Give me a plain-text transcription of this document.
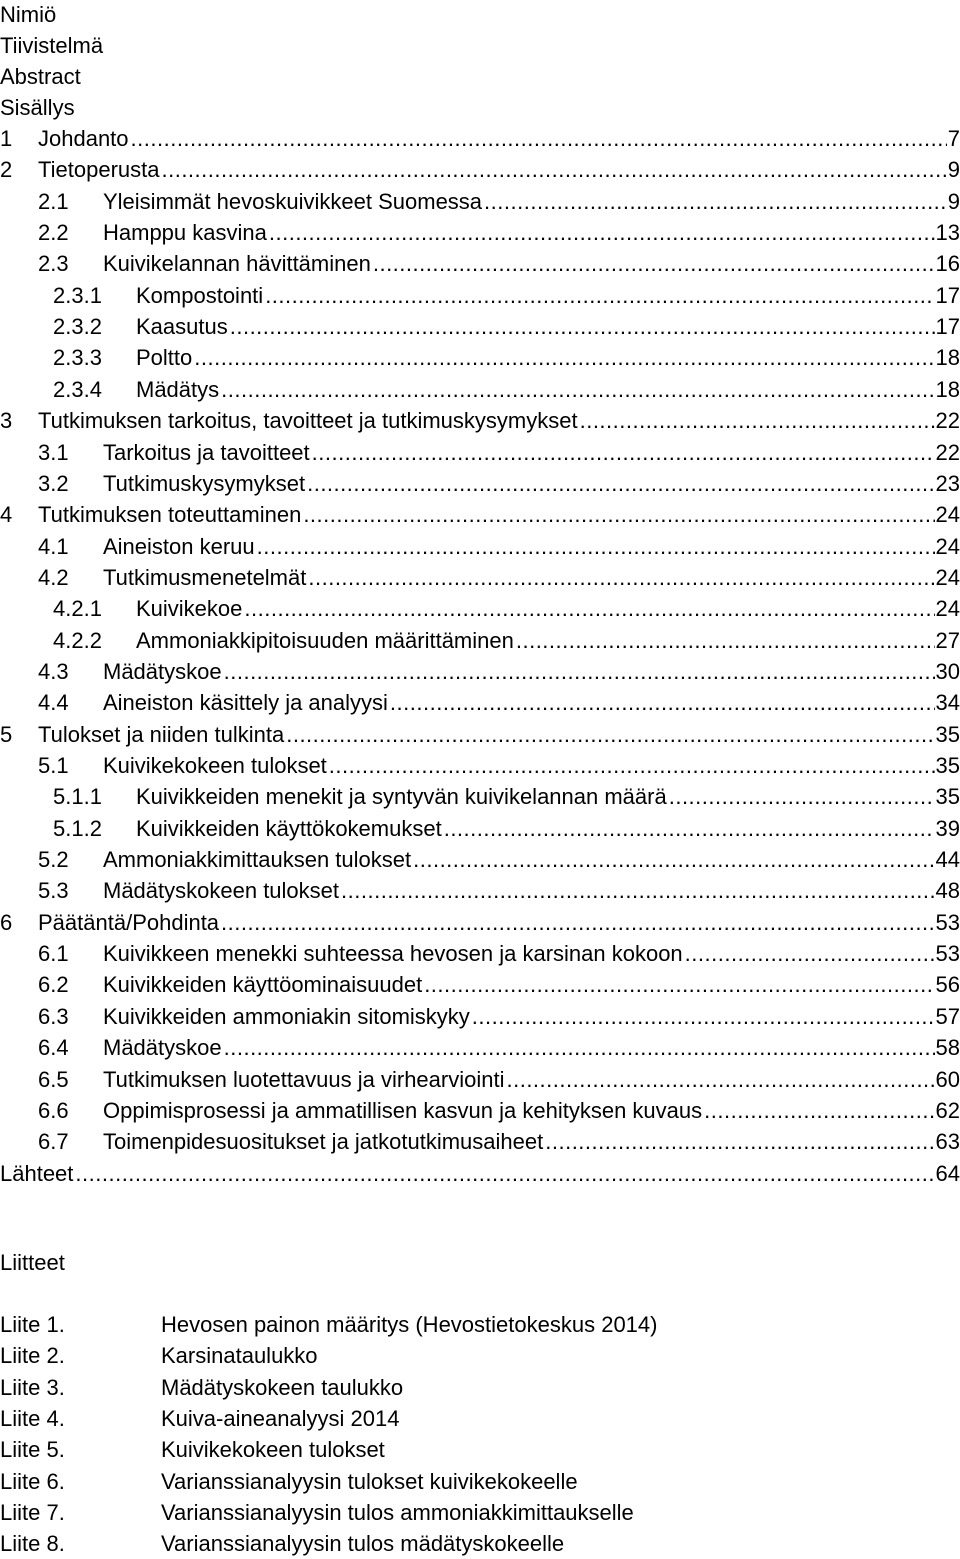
Nimiö
Tiivistelmä
Abstract
Sisällys
1 Johdanto .....	7
2 Tietoperusta .....	9
2.1 Yleisimmät hevoskuivikkeet Suomessa .....	9
2.2 Hamppu kasvina .....	13
2.3 Kuivikelannan hävittäminen .....	16
2.3.1 Kompostointi .....	17
2.3.2 Kaasutus .....	17
2.3.3 Poltto .....	18
2.3.4 Mädätys .....	18
3 Tutkimuksen tarkoitus, tavoitteet ja tutkimuskysymykset .....	22
3.1 Tarkoitus ja tavoitteet .....	22
3.2 Tutkimuskysymykset .....	23
4 Tutkimuksen toteuttaminen .....	24
4.1 Aineiston keruu .....	24
4.2 Tutkimusmenetelmät .....	24
4.2.1 Kuivikekoe .....	24
4.2.2 Ammoniakkipitoisuuden määrittäminen .....	27
4.3 Mädätyskoe .....	30
4.4 Aineiston käsittely ja analyysi .....	34
5 Tulokset ja niiden tulkinta .....	35
5.1 Kuivikekokeen tulokset .....	35
5.1.1 Kuivikkeiden menekit ja syntyvän kuivikelannan määrä .....	35
5.1.2 Kuivikkeiden käyttökokemukset .....	39
5.2 Ammoniakkimittauksen tulokset .....	44
5.3 Mädätyskokeen tulokset .....	48
6 Päätäntä/Pohdinta .....	53
6.1 Kuivikkeen menekki suhteessa hevosen ja karsinan kokoon .....	53
6.2 Kuivikkeiden käyttöominaisuudet .....	56
6.3 Kuivikkeiden ammoniakin sitomiskyky .....	57
6.4 Mädätyskoe .....	58
6.5 Tutkimuksen luotettavuus ja virhearviointi .....	60
6.6 Oppimisprosessi ja ammatillisen kasvun ja kehityksen kuvaus .....	62
6.7 Toimenpidesuositukset ja jatkotutkimusaiheet .....	63
Lähteet .....	64
Liitteet
Liite 1.	Hevosen painon määritys (Hevostietokeskus 2014)
Liite 2.	Karsinataulukko
Liite 3.	Mädätyskokeen taulukko
Liite 4.	Kuiva-aineanalyysi 2014
Liite 5.	Kuivikekokeen tulokset
Liite 6.	Varianssianalyysin tulokset kuivikekokeelle
Liite 7.	Varianssianalyysin tulos ammoniakkimittaukselle
Liite 8.	Varianssianalyysin tulos mädätyskokeelle
